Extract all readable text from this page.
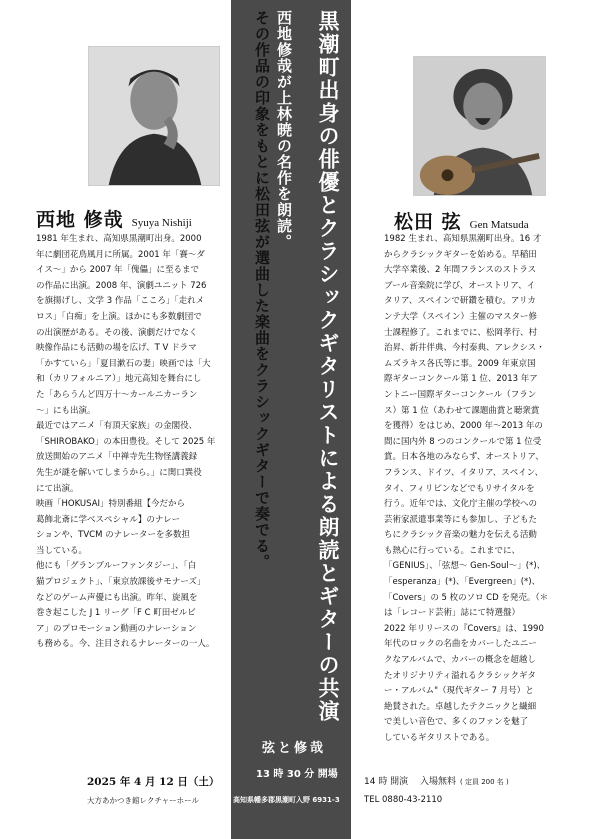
西地 修哉 Syuya Nishiji	松田 弦 Gen Matsuda
1981 年生まれ、高知県黒潮町出身。2000
年に劇団花鳥風月に所属。2001 年「賽〜ダ
イス〜」から 2007 年「傀儡」に至るまで
の作品に出演。2008 年、演劇ユニット 726
を旗揚げし、文学 3 作品「こころ」「走れメ
ロス」「白痴」を上演。ほかにも多数劇団で
の出演歴がある。その後、演劇だけでなく
映像作品にも活動の場を広げ、T V ドラマ
「かすていら」「夏目漱石の妻」映画では「大
和（カリフォルニア）」地元高知を舞台にし
た「あらうんど四万十〜カールニカーラン
〜」にも出演。
最近ではアニメ「有頂天家族」の金閣役、
「SHIROBAKO」の本田豊役。そして 2025 年
放送開始のアニメ「中禅寺先生物怪講義録
先生が謎を解いてしまうから。」に関口巽役
にて出演。
映画「HOKUSAI」特別番組【今だから
葛飾北斎に学べスペシャル】のナレー
ションや、TVCM のナレーターを多数担
当している。
他にも「グランブルーファンタジー」、「白
猫プロジェクト」、「東京放課後サモナーズ」
などのゲーム声優にも出演。昨年、旋風を
巻き起こした J 1 リーグ「F C 町田ゼルビ
ア」のプロモーション動画のナレーション
も務める。今、注目されるナレーターの一人。
1982 生まれ、高知県黒潮町出身。16 才
からクラシックギターを始める。早稲田
大学卒業後、2 年間フランスのストラス
ブール音楽院に学び、オーストリア、イ
タリア、スペインで研鑽を積む。アリカ
ンテ大学（スペイン）主催のマスター修
士課程修了。これまでに、松岡孝行、村
治昇、新井伴典、今村泰典、アレクシス・
ムズラキス各氏等に事。2009 年東京国
際ギターコンクール第 1 位、2013 年ア
ントニー国際ギターコンクール（フラン
ス）第 1 位（あわせて課題曲賞と聴衆賞
を獲得）をはじめ、2000 年〜2013 年の
間に国内外 8 つのコンクールで第 1 位受
賞。日本各地のみならず、オーストリア、
フランス、ドイツ、イタリア、スペイン、
タイ、フィリピンなどでもリサイタルを
行う。近年では、文化庁主催の学校への
芸術家派遣事業等にも参加し、子どもた
ちにクラシック音楽の魅力を伝える活動
も熱心に行っている。これまでに、
「GENIUS」、「弦想〜 Gen-Soul〜」(*)、
「esperanza」(*)、「Evergreen」(*)、
「Covers」の 5 枚のソロ CD を発売。（＊
は「レコード芸術」誌にて特選盤）
2022 年リリースの『Covers』は、1990
年代のロックの名曲をカバーしたユニー
クなアルバムで、カバーの概念を超越し
たオリジナリティ溢れるクラシックギタ
ー・アルバム"（現代ギター 7 月号）と
絶賛された。卓越したテクニックと繊細
で美しい音色で、多くのファンを魅了
しているギタリストである。
黒潮町出身の俳優とクラシックギタリストによる朗読とギターの共演
西地修哉が上林暁の名作を朗読。
その作品の印象をもとに松田弦が選曲した楽曲をクラシックギターで奏でる。
弦と修哉
13 時 30 分 開場
2025 年 4 月 12 日（土）	14 時 開演 入場無料 ( 定員 200 名 )
大方あかつき館レクチャーホール	高知県幡多郡黒潮町入野 6931-3	TEL 0880-43-2110
